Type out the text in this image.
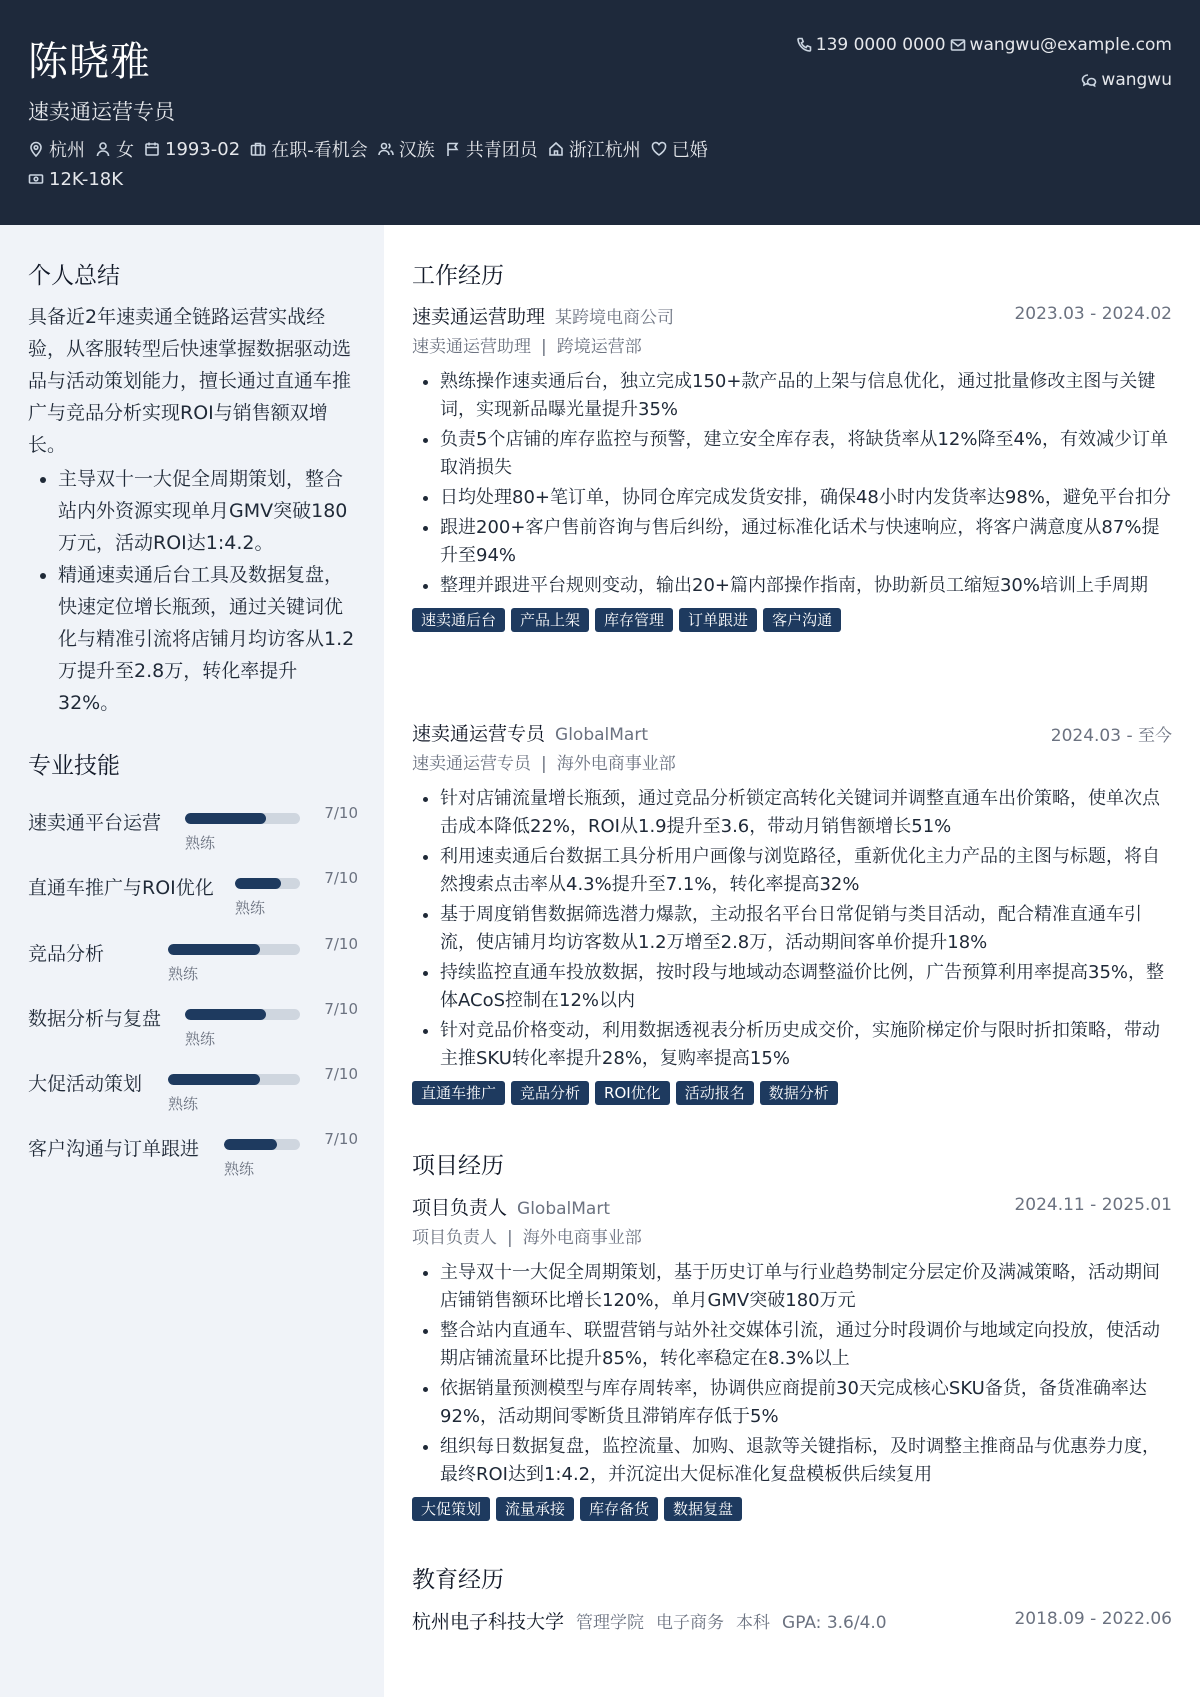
陈晓雅
速卖通运营专员
杭州 女 1993-02 在职-看机会 汉族 共青团员 浙江杭州 已婚
12K-18K
139 0000 0000 wangwu@example.com
wangwu
个人总结

具备近2年速卖通全链路运营实战经验，从客服转型后快速掌握数据驱动选品与活动策划能力，擅长通过直通车推广与竞品分析实现ROI与销售额双增长。

• 主导双十一大促全周期策划，整合站内外资源实现单月GMV突破180万元，活动ROI达1:4.2。
• 精通速卖通后台工具及数据复盘，快速定位增长瓶颈，通过关键词优化与精准引流将店铺月均访客从1.2万提升至2.8万，转化率提升32%。
专业技能
速卖通平台运营	7/10
熟练
直通车推广与ROI优化	7/10
熟练
竞品分析	7/10
熟练
数据分析与复盘	7/10
熟练
大促活动策划	7/10
熟练
客户沟通与订单跟进	7/10
熟练
工作经历
速卖通运营助理 某跨境电商公司	2023.03 - 2024.02
速卖通运营助理 | 跨境运营部
• 熟练操作速卖通后台，独立完成150+款产品的上架与信息优化，通过批量修改主图与关键词，实现新品曝光量提升35%
• 负责5个店铺的库存监控与预警，建立安全库存表，将缺货率从12%降至4%，有效减少订单取消损失
• 日均处理80+笔订单，协同仓库完成发货安排，确保48小时内发货率达98%，避免平台扣分
• 跟进200+客户售前咨询与售后纠纷，通过标准化话术与快速响应，将客户满意度从87%提升至94%
• 整理并跟进平台规则变动，输出20+篇内部操作指南，协助新员工缩短30%培训上手周期
速卖通后台	产品上架	库存管理	订单跟进	客户沟通
速卖通运营专员 GlobalMart	2024.03 - 至今
速卖通运营专员 | 海外电商事业部
• 针对店铺流量增长瓶颈，通过竞品分析锁定高转化关键词并调整直通车出价策略，使单次点击成本降低22%，ROI从1.9提升至3.6，带动月销售额增长51%
• 利用速卖通后台数据工具分析用户画像与浏览路径，重新优化主力产品的主图与标题，将自然搜索点击率从4.3%提升至7.1%，转化率提高32%
• 基于周度销售数据筛选潜力爆款，主动报名平台日常促销与类目活动，配合精准直通车引流，使店铺月均访客数从1.2万增至2.8万，活动期间客单价提升18%
• 持续监控直通车投放数据，按时段与地域动态调整溢价比例，广告预算利用率提高35%，整体ACoS控制在12%以内
• 针对竞品价格变动，利用数据透视表分析历史成交价，实施阶梯定价与限时折扣策略，带动主推SKU转化率提升28%，复购率提高15%
直通车推广	竞品分析	ROI优化	活动报名	数据分析
项目经历
项目负责人 GlobalMart	2024.11 - 2025.01
项目负责人 | 海外电商事业部
• 主导双十一大促全周期策划，基于历史订单与行业趋势制定分层定价及满减策略，活动期间店铺销售额环比增长120%，单月GMV突破180万元
• 整合站内直通车、联盟营销与站外社交媒体引流，通过分时段调价与地域定向投放，使活动期店铺流量环比提升85%，转化率稳定在8.3%以上
• 依据销量预测模型与库存周转率，协调供应商提前30天完成核心SKU备货，备货准确率达92%，活动期间零断货且滞销库存低于5%
• 组织每日数据复盘，监控流量、加购、退款等关键指标，及时调整主推商品与优惠券力度，最终ROI达到1:4.2，并沉淀出大促标准化复盘模板供后续复用
大促策划	流量承接	库存备货	数据复盘
教育经历
杭州电子科技大学 管理学院 电子商务 本科 GPA: 3.6/4.0	2018.09 - 2022.06
